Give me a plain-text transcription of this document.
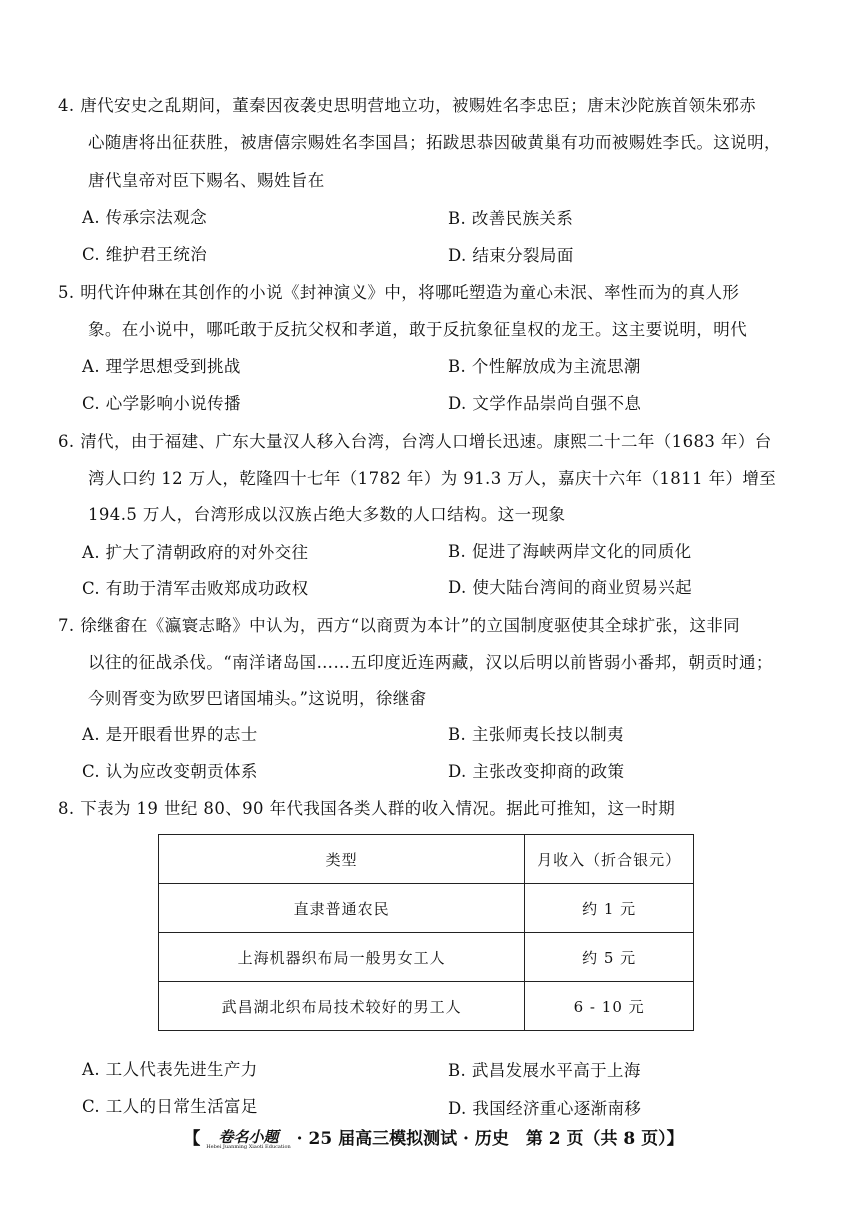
4. 唐代安史之乱期间，董秦因夜袭史思明营地立功，被赐姓名李忠臣；唐末沙陀族首领朱邪赤
心随唐将出征获胜，被唐僖宗赐姓名李国昌；拓跋思恭因破黄巢有功而被赐姓李氏。这说明，
唐代皇帝对臣下赐名、赐姓旨在
A. 传承宗法观念	B. 改善民族关系
C. 维护君王统治	D. 结束分裂局面
5. 明代许仲琳在其创作的小说《封神演义》中，将哪吒塑造为童心未泯、率性而为的真人形
象。在小说中，哪吒敢于反抗父权和孝道，敢于反抗象征皇权的龙王。这主要说明，明代
A. 理学思想受到挑战	B. 个性解放成为主流思潮
C. 心学影响小说传播	D. 文学作品崇尚自强不息
6. 清代，由于福建、广东大量汉人移入台湾，台湾人口增长迅速。康熙二十二年（1683 年）台
湾人口约 12 万人，乾隆四十七年（1782 年）为 91.3 万人，嘉庆十六年（1811 年）增至
194.5 万人，台湾形成以汉族占绝大多数的人口结构。这一现象
A. 扩大了清朝政府的对外交往	B. 促进了海峡两岸文化的同质化
C. 有助于清军击败郑成功政权	D. 使大陆台湾间的商业贸易兴起
7. 徐继畬在《瀛寰志略》中认为，西方“以商贾为本计”的立国制度驱使其全球扩张，这非同
以往的征战杀伐。“南洋诸岛国……五印度近连两藏，汉以后明以前皆弱小番邦，朝贡时通；
今则胥变为欧罗巴诸国埔头。”这说明，徐继畬
A. 是开眼看世界的志士	B. 主张师夷长技以制夷
C. 认为应改变朝贡体系	D. 主张改变抑商的政策
8. 下表为 19 世纪 80、90 年代我国各类人群的收入情况。据此可推知，这一时期
类型	月收入（折合银元）
直隶普通农民	约 1 元
上海机器织布局一般男女工人	约 5 元
武昌湖北织布局技术较好的男工人	6 - 10 元
A. 工人代表先进生产力	B. 武昌发展水平高于上海
C. 工人的日常生活富足	D. 我国经济重心逐渐南移
【 卷名小题
Hebei Juanming Xiaoti Education · 25 届高三模拟测试 · 历史　第 2 页（共 8 页）】
